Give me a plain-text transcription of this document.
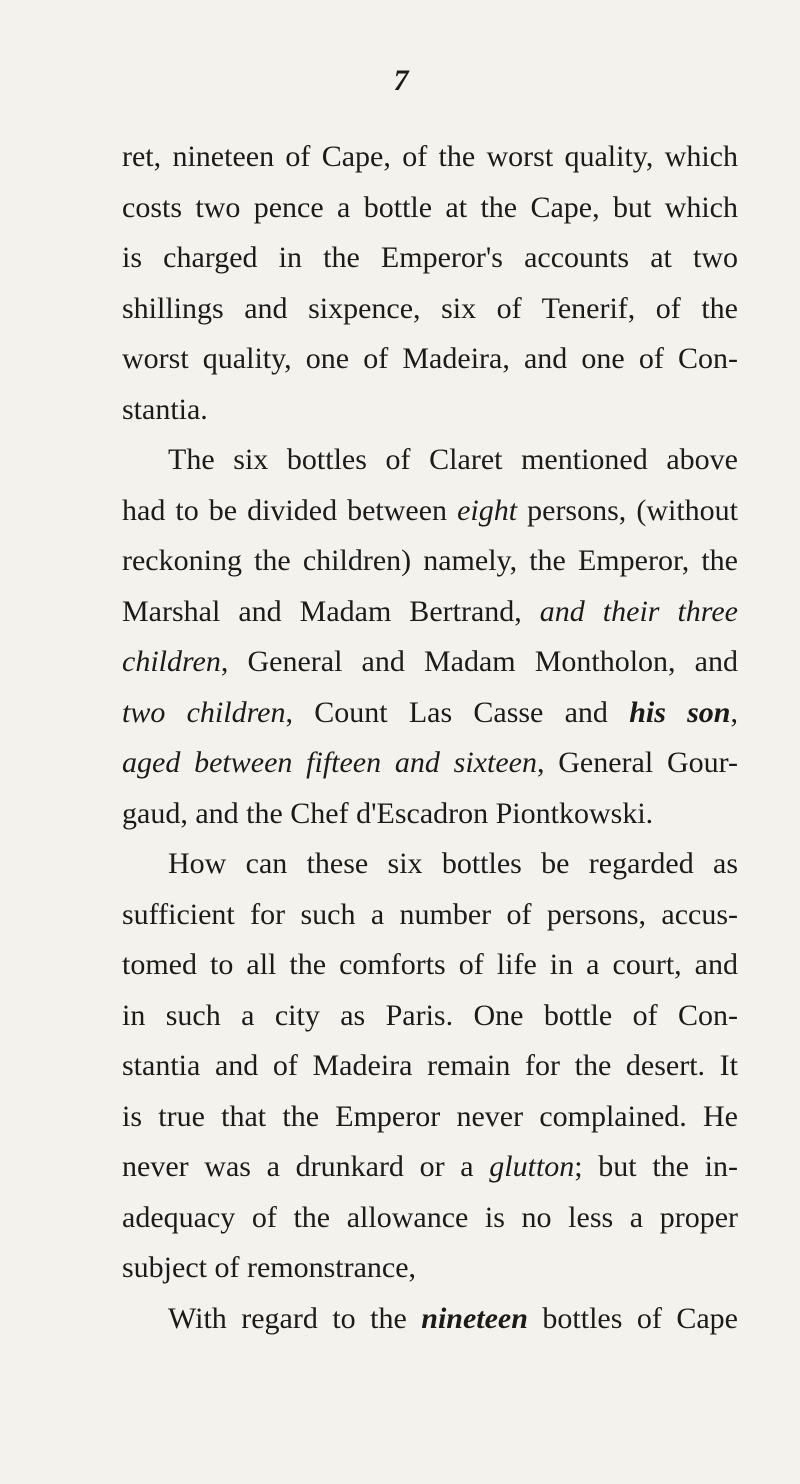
7
ret, nineteen of Cape, of the worst quality, which
costs two pence a bottle at the Cape, but which
is charged in the Emperor's accounts at two
shillings and sixpence, six of Tenerif, of the
worst quality, one of Madeira, and one of Con-
stantia.
The six bottles of Claret mentioned above
had to be divided between eight persons, (without
reckoning the children) namely, the Emperor, the
Marshal and Madam Bertrand, and their three
children, General and Madam Montholon, and
two children, Count Las Casse and his son,
aged between fifteen and sixteen, General Gour-
gaud, and the Chef d'Escadron Piontkowski.
How can these six bottles be regarded as
sufficient for such a number of persons, accus-
tomed to all the comforts of life in a court, and
in such a city as Paris. One bottle of Con-
stantia and of Madeira remain for the desert. It
is true that the Emperor never complained. He
never was a drunkard or a glutton; but the in-
adequacy of the allowance is no less a proper
subject of remonstrance,
With regard to the nineteen bottles of Cape
